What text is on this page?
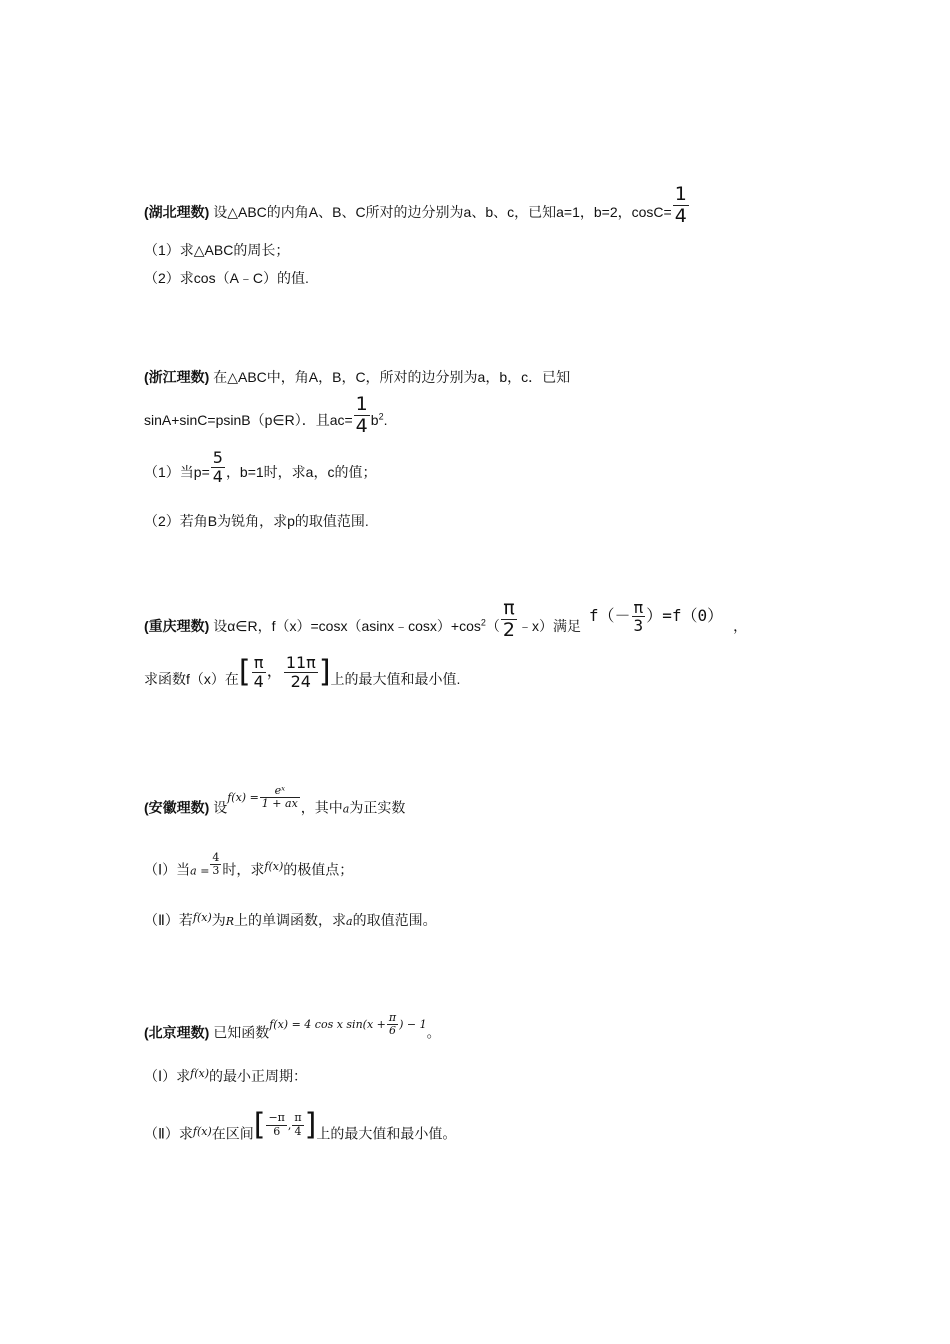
(湖北理数) 设△ABC的内角A、B、C所对的边分别为a、b、c，已知a=1，b=2，$\cos C= \frac{1}{4}$
（1）求△ABC的周长；
（2）求cos（A﹣C）的值.
(浙江理数) 在△ABC中，角A，B，C，所对的边分别为a，b，c．已知
sinA+sinC=psinB（p∈R）．且$ac= \frac{1}{4} b^2$.
（1）当$p= \frac{5}{4}$ ，b=1时，求a，c的值；
（2）若角B为锐角，求p的取值范围.
(重庆理数) 设α∈R，$f(x)=\cos x(asinx﹣\cos x)+\cos^2( \frac{\pi}{2}$ ﹣x）满足 $f(- \frac{\pi}{3} )=f(0)$，
求函数f（x）在[ $\frac{\pi}{4}$ ， $\frac{11\pi}{24}$ ]上的最大值和最小值.
(安徽理数) 设$^{f(x) = \frac{\text{eˣ}}{1 + ax}}$ ，其中a为正实数
（Ⅰ）当$a = \frac{4}{3}$ 时，求$^{f(x)}$的极值点；
（Ⅱ）若$^{f(x)}$为R上的单调函数，求a的取值范围。
(北京理数) 已知函数$^{f(x) = 4 cos x sin(x + \frac{\pi}{6} ) - 1}$。
（Ⅰ）求$^{f(x)}$的最小正周期：
（Ⅱ）求$^{f(x)}$在区间[ $\frac{-\pi}{6}$ , $\frac{\pi}{4}$ ]上的最大值和最小值。
